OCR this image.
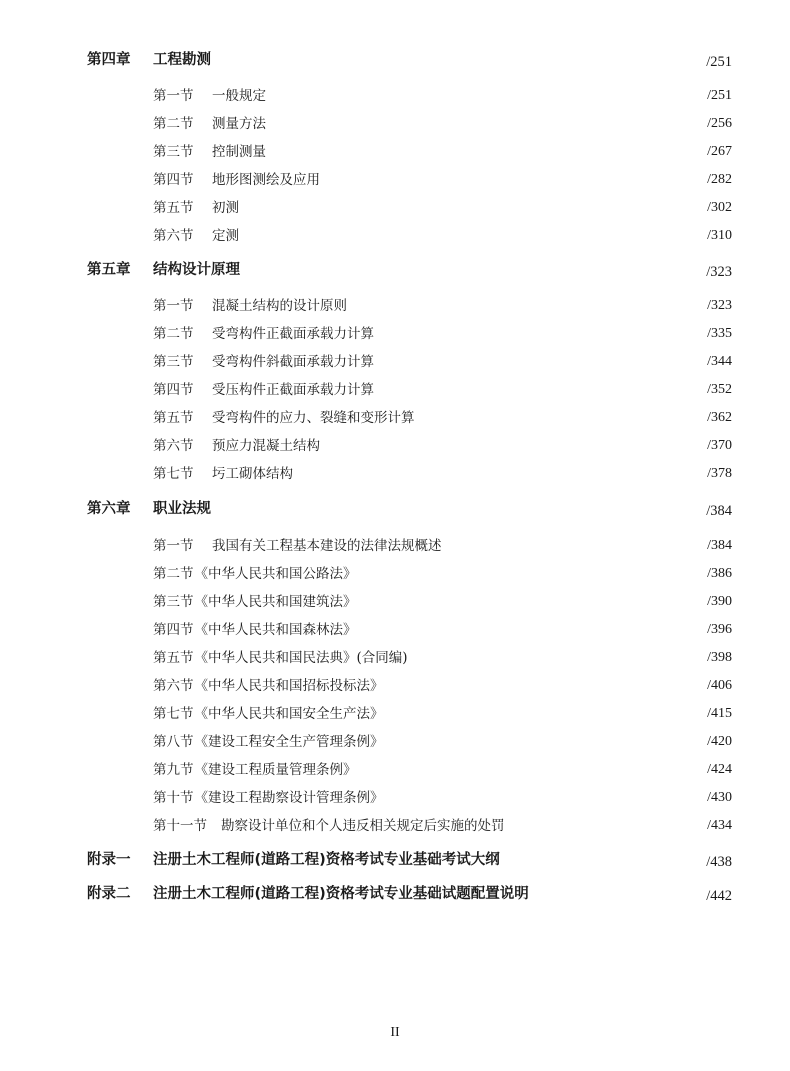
第四章 工程勘测	/251
第一节 一般规定	/251
第二节 测量方法	/256
第三节 控制测量	/267
第四节 地形图测绘及应用	/282
第五节 初测	/302
第六节 定测	/310
第五章 结构设计原理	/323
第一节 混凝土结构的设计原则	/323
第二节 受弯构件正截面承载力计算	/335
第三节 受弯构件斜截面承载力计算	/344
第四节 受压构件正截面承载力计算	/352
第五节 受弯构件的应力、裂缝和变形计算	/362
第六节 预应力混凝土结构	/370
第七节 圬工砌体结构	/378
第六章 职业法规	/384
第一节 我国有关工程基本建设的法律法规概述	/384
第二节《中华人民共和国公路法》	/386
第三节《中华人民共和国建筑法》	/390
第四节《中华人民共和国森林法》	/396
第五节《中华人民共和国民法典》(合同编)	/398
第六节《中华人民共和国招标投标法》	/406
第七节《中华人民共和国安全生产法》	/415
第八节《建设工程安全生产管理条例》	/420
第九节《建设工程质量管理条例》	/424
第十节《建设工程勘察设计管理条例》	/430
第十一节 勘察设计单位和个人违反相关规定后实施的处罚	/434
附录一 注册土木工程师(道路工程)资格考试专业基础考试大纲	/438
附录二 注册土木工程师(道路工程)资格考试专业基础试题配置说明	/442
II
